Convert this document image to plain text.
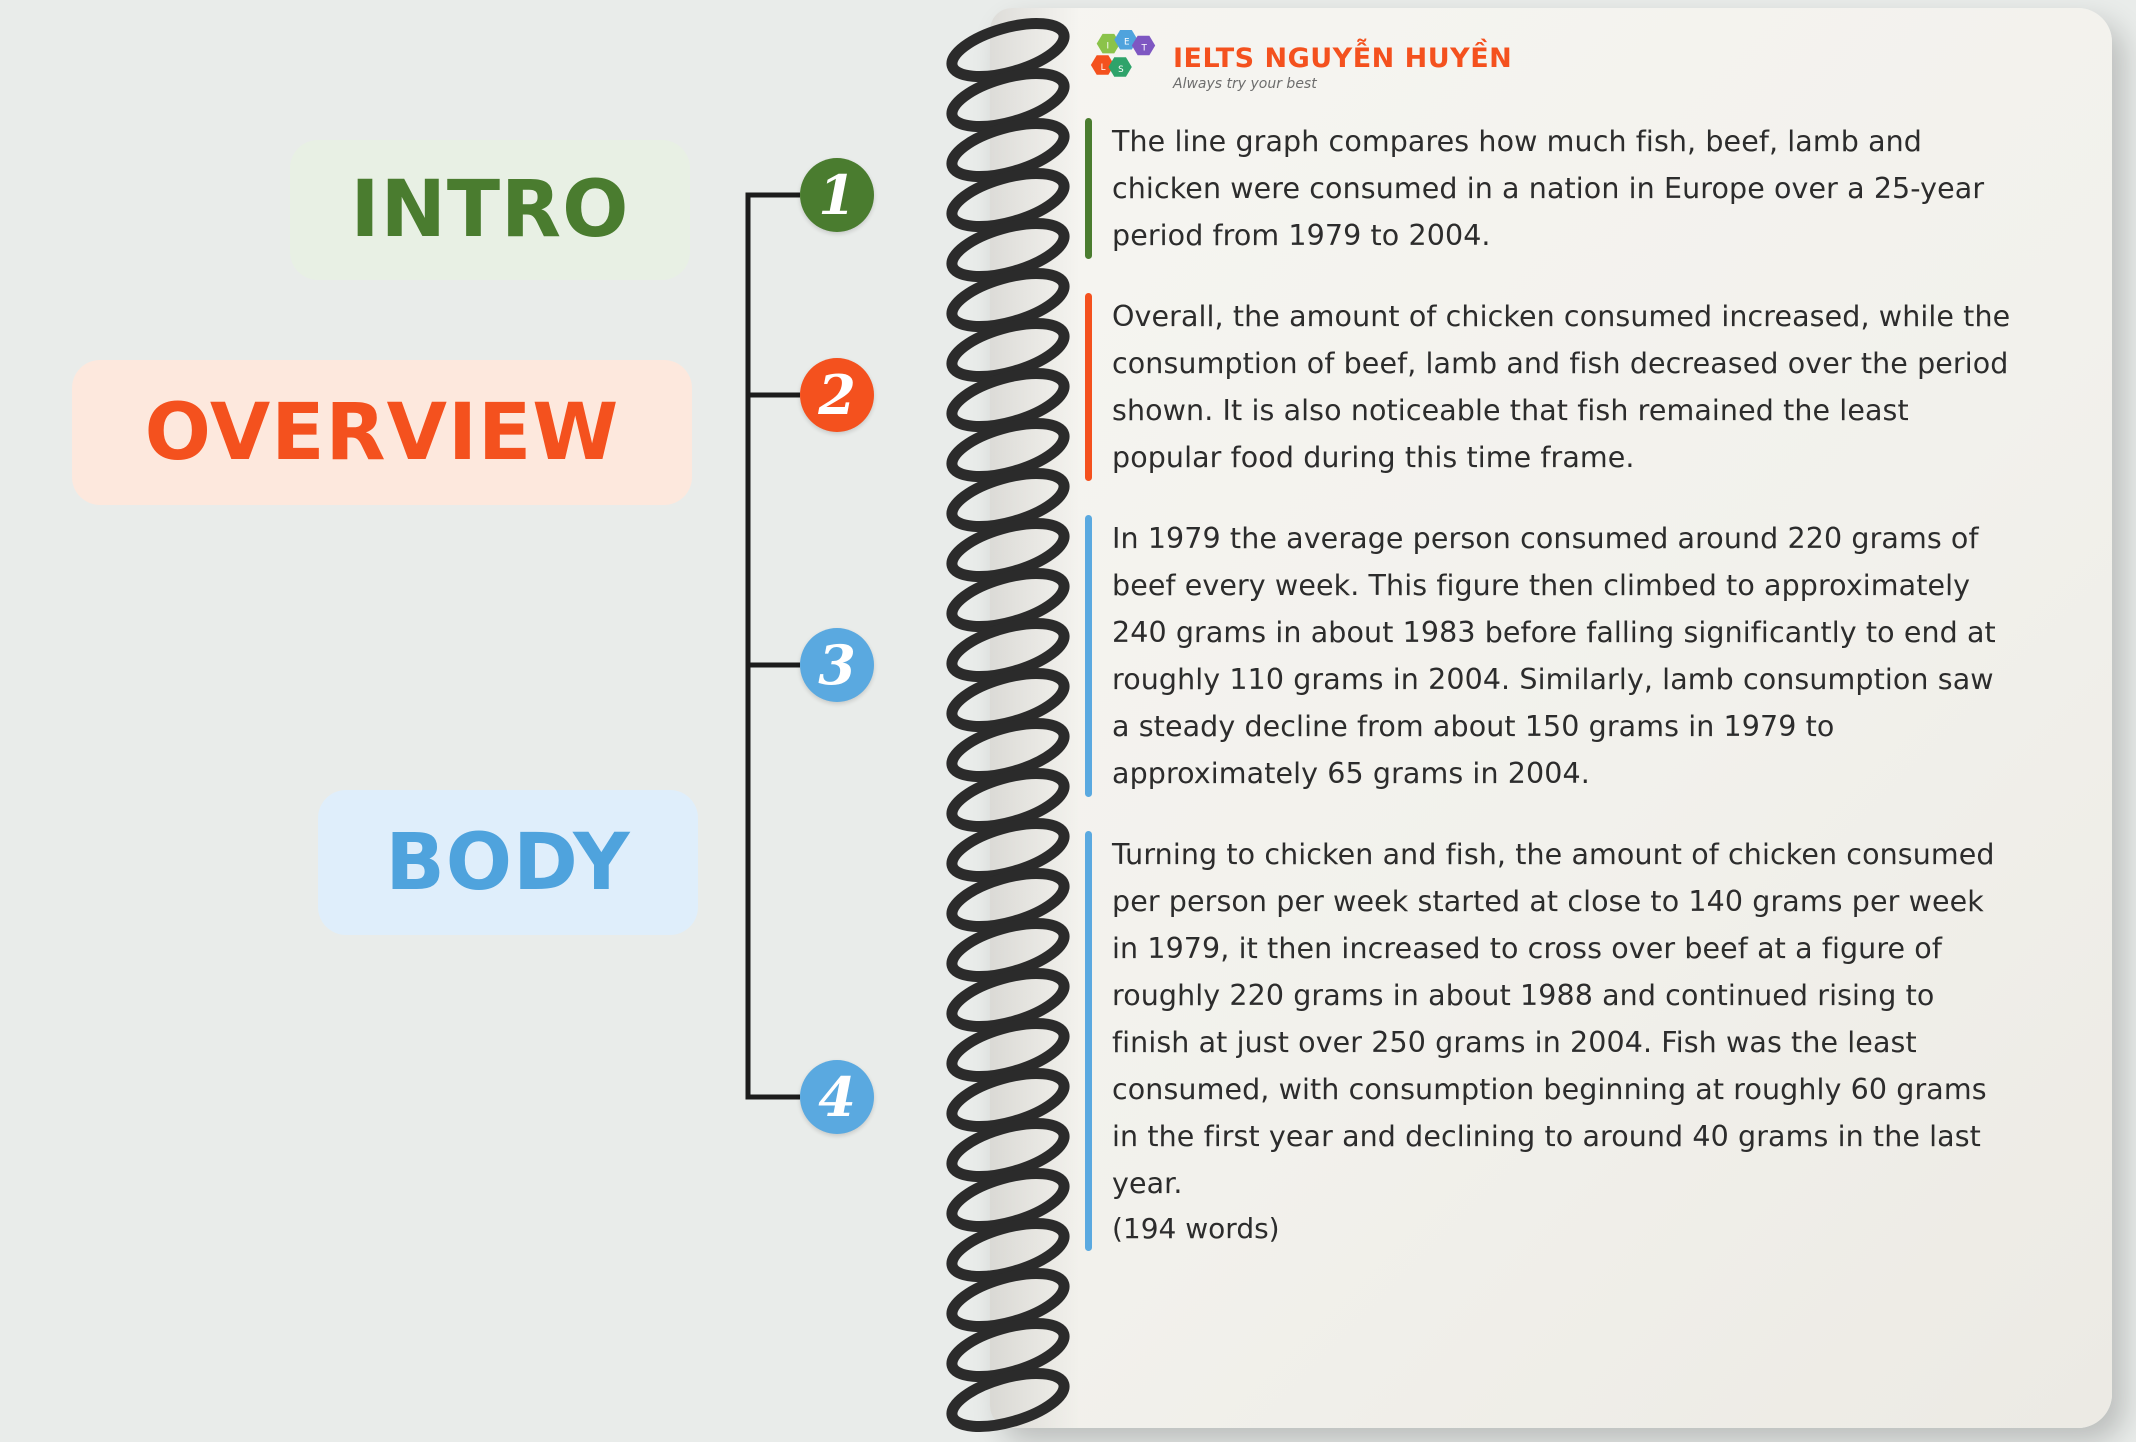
INTRO
OVERVIEW
BODY
1
2
3
4
I E
T
L S IELTS NGUYỄN HUYỀN
Always try your best
The line graph compares how much fish, beef, lamb and chicken were consumed in a nation in Europe over a 25-year period from 1979 to 2004.
Overall, the amount of chicken consumed increased, while the consumption of beef, lamb and fish decreased over the period shown. It is also noticeable that fish remained the least popular food during this time frame.
In 1979 the average person consumed around 220 grams of beef every week. This figure then climbed to approximately 240 grams in about 1983 before falling significantly to end at roughly 110 grams in 2004. Similarly, lamb consumption saw a steady decline from about 150 grams in 1979 to approximately 65 grams in 2004.
Turning to chicken and fish, the amount of chicken consumed per person per week started at close to 140 grams per week in 1979, it then increased to cross over beef at a figure of roughly 220 grams in about 1988 and continued rising to finish at just over 250 grams in 2004. Fish was the least consumed, with consumption beginning at roughly 60 grams in the first year and declining to around 40 grams in the last year.
(194 words)
